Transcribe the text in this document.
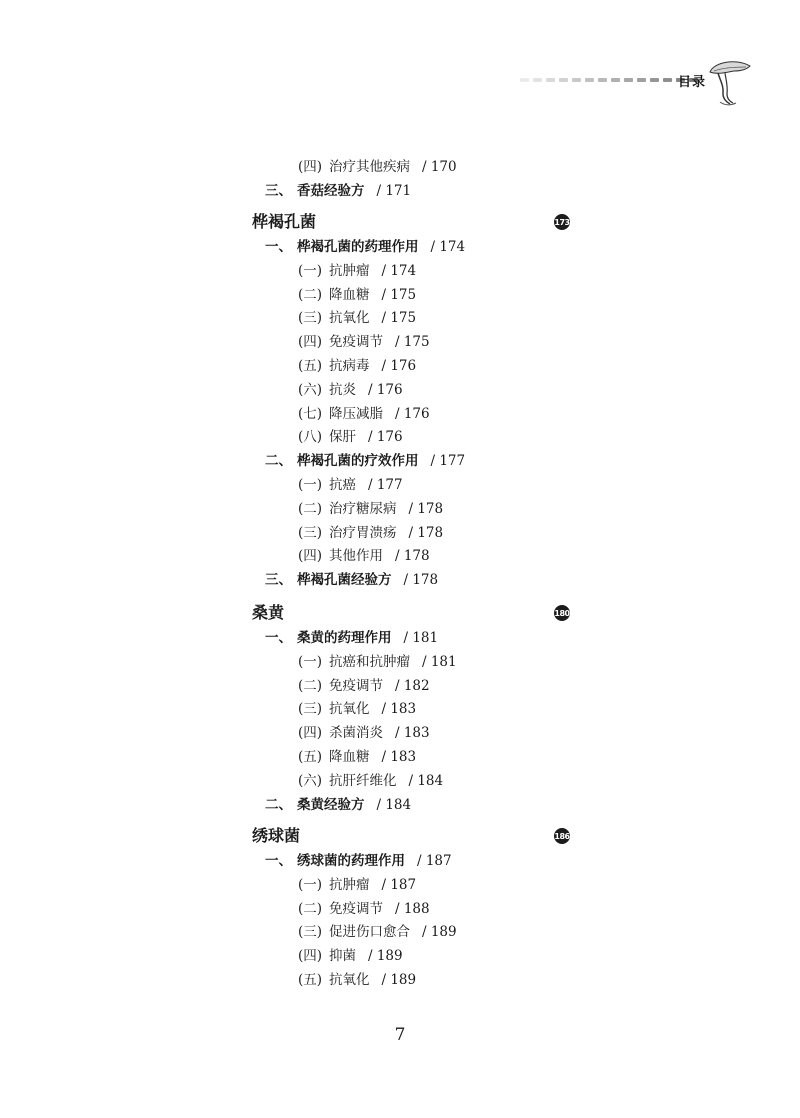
目录
(四) 治疗其他疾病 / 170
三、 香菇经验方 / 171
桦褐孔菌	173
一、 桦褐孔菌的药理作用 / 174
(一) 抗肿瘤 / 174
(二) 降血糖 / 175
(三) 抗氧化 / 175
(四) 免疫调节 / 175
(五) 抗病毒 / 176
(六) 抗炎 / 176
(七) 降压减脂 / 176
(八) 保肝 / 176
二、 桦褐孔菌的疗效作用 / 177
(一) 抗癌 / 177
(二) 治疗糖尿病 / 178
(三) 治疗胃溃疡 / 178
(四) 其他作用 / 178
三、 桦褐孔菌经验方 / 178
桑黄	180
一、 桑黄的药理作用 / 181
(一) 抗癌和抗肿瘤 / 181
(二) 免疫调节 / 182
(三) 抗氧化 / 183
(四) 杀菌消炎 / 183
(五) 降血糖 / 183
(六) 抗肝纤维化 / 184
二、 桑黄经验方 / 184
绣球菌	186
一、 绣球菌的药理作用 / 187
(一) 抗肿瘤 / 187
(二) 免疫调节 / 188
(三) 促进伤口愈合 / 189
(四) 抑菌 / 189
(五) 抗氧化 / 189
7
